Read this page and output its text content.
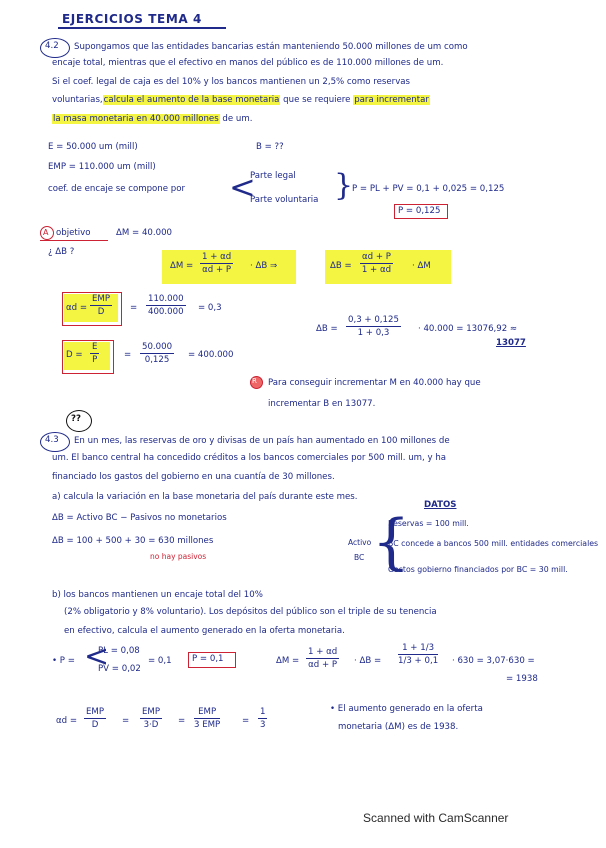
EJERCICIOS TEMA 4
4.2 Supongamos que las entidades bancarias están manteniendo 50.000 millones de um como
encaje total, mientras que el efectivo en manos del público es de 110.000 millones de um.
Si el coef. legal de caja es del 10% y los bancos mantienen un 2,5% como reservas
voluntarias,calcula el aumento de la base monetaria que se requiere para incrementar
la masa monetaria en 40.000 millones de um.
E = 50.000 um (mill)	B = ??
EMP = 110.000 um (mill)
coef. de encaje se compone por <
Parte legal
Parte voluntaria }
P = PL + PV = 0,1 + 0,025 = 0,125
P = 0,125
A objetivo	ΔM = 40.000
¿ ΔB ?
$\Delta M = \frac{1 + \alpha d}{\alpha d + P} \cdot \Delta B$ ⇒	$\Delta B = \frac{\alpha d + P}{1 + \alpha d} \cdot \Delta M$
αd =
EMP
D	= $\frac{110.000}{400.000} = 0,3$
$D = \frac{E}{P}$	= $\frac{50.000}{0,125} = 400.000$
$\Delta B = \frac{0,3 + 0,125}{1 + 0,3} \cdot 40.000 = 13076,92$ ≈
13077
R Para conseguir incrementar M en 40.000 hay que
incrementar B en 13077.
??
4.3 En un mes, las reservas de oro y divisas de un país han aumentado en 100 millones de
um. El banco central ha concedido créditos a los bancos comerciales por 500 mill. um, y ha
financiado los gastos del gobierno en una cuantía de 30 millones.
a) calcula la variación en la base monetaria del país durante este mes.
ΔB = Activo BC − Pasivos no monetarios
ΔB = 100 + 500 + 30 = 630 millones
no hay pasivos
DATOS
Activo
BC {
Reservas = 100 mill.
BC concede a bancos 500 mill. entidades comerciales
Gastos gobierno financiados por BC = 30 mill.
b) los bancos mantienen un encaje total del 10%
(2% obligatorio y 8% voluntario). Los depósitos del público son el triple de su tenencia
en efectivo, calcula el aumento generado en la oferta monetaria.
• P = <
PL = 0,08
PV = 0,02
= 0,1 P = 0,1	$\Delta M = \frac{1 + \alpha d}{\alpha d + P} \cdot \Delta B = \frac{1 + 1/3}{1/3 + 0,1} \cdot 630 = 3,07\cdot 630$ =
= 1938
αd =
EMP
D	=
EMP
3·D	=
EMP
3 EMP	= $\frac{1}{3}$	• El aumento generado en la oferta
monetaria (ΔM) es de 1938.
Scanned with CamScanner
